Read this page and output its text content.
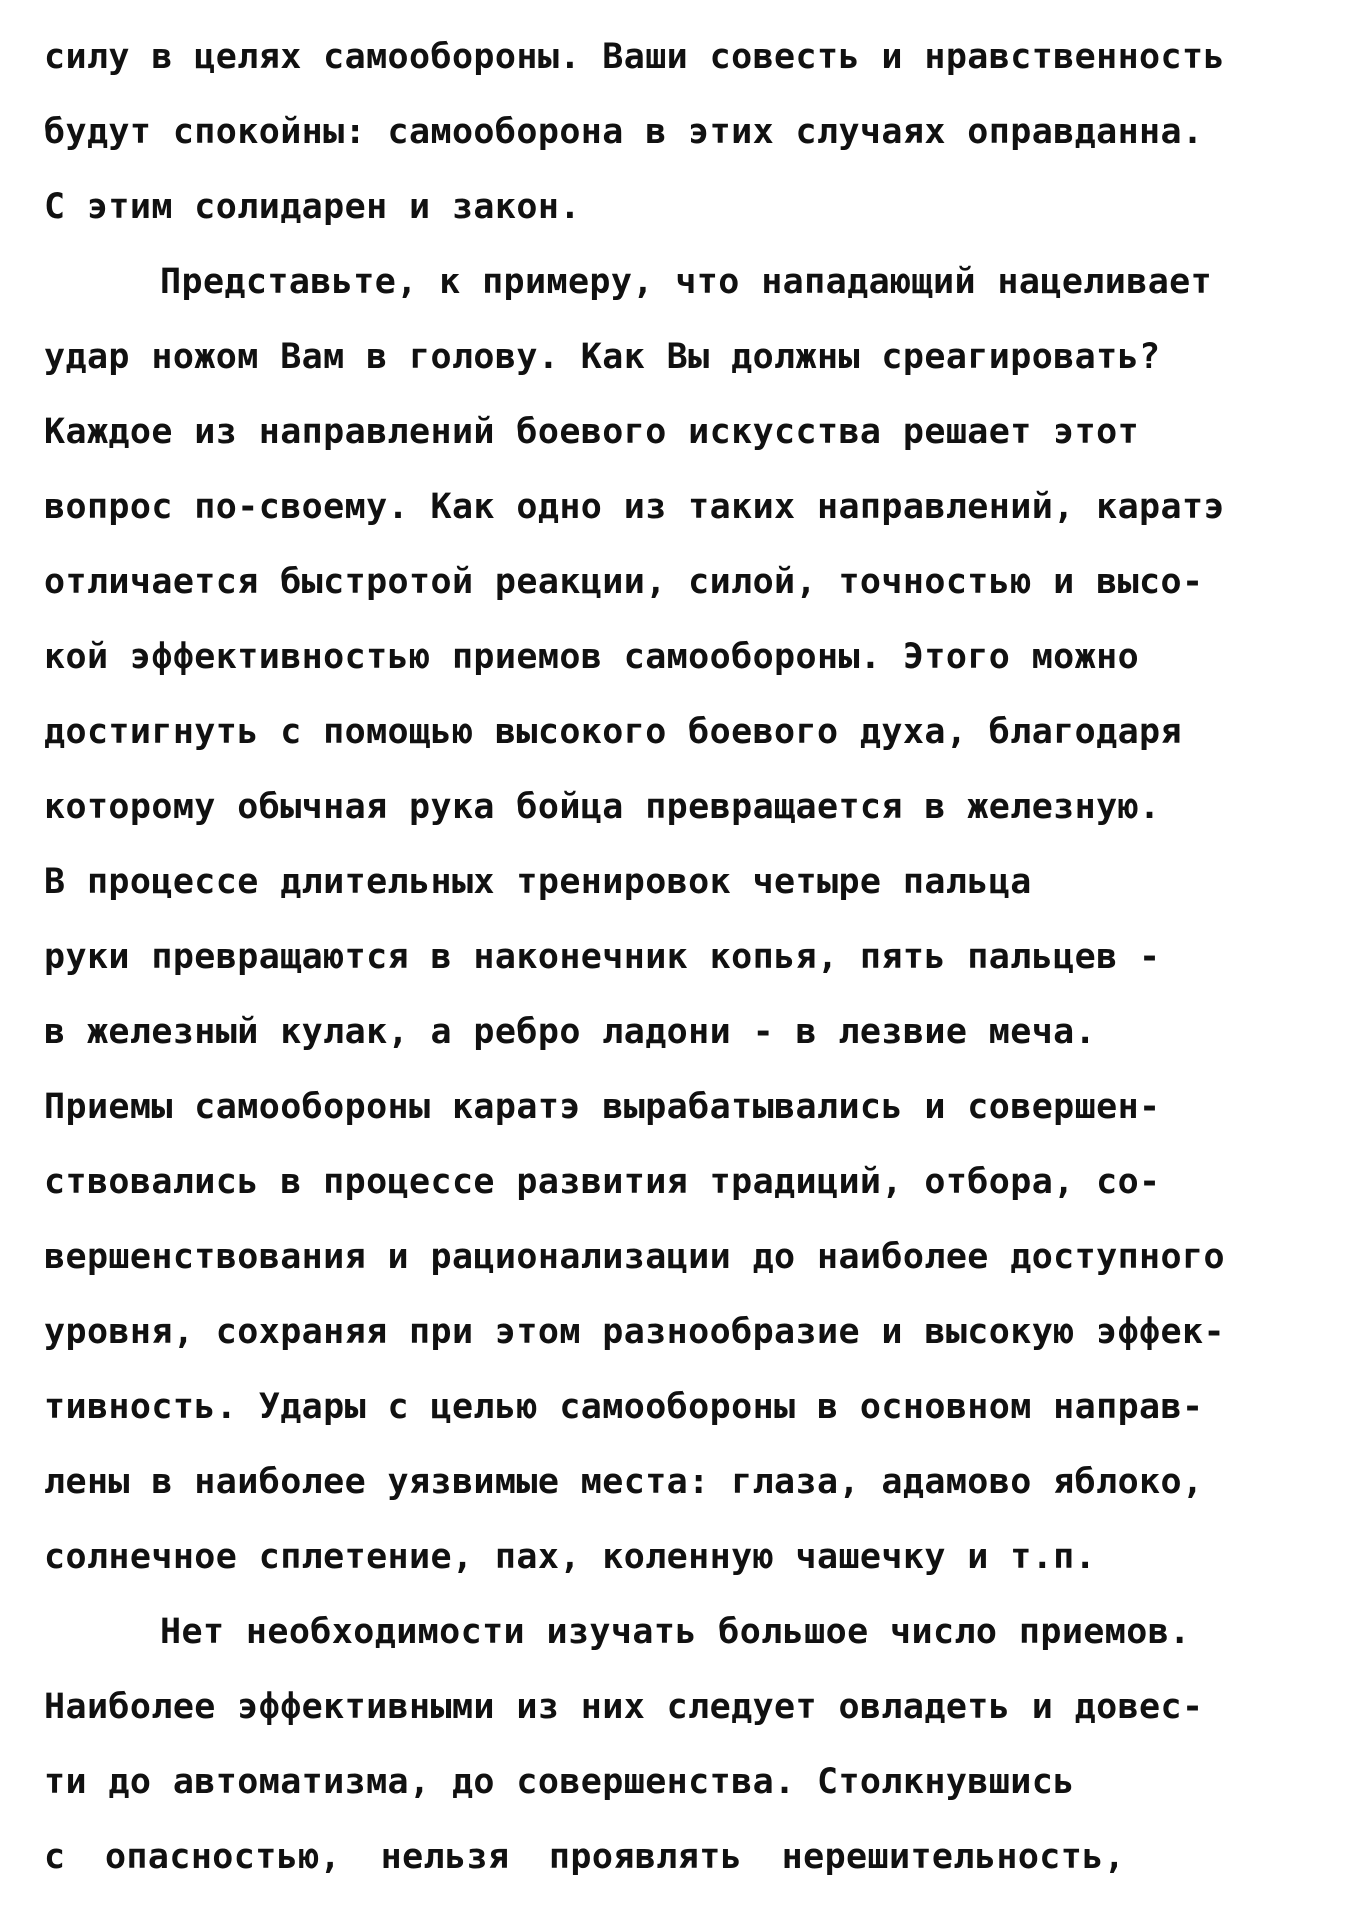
силу в целях самообороны. Ваши совесть и нравственность
будут спокойны: самооборона в этих случаях оправданна.
С этим солидарен и закон.
Представьте, к примеру, что нападающий нацеливает
удар ножом Вам в голову. Как Вы должны среагировать?
Каждое из направлений боевого искусства решает этот
вопрос по-своему. Как одно из таких направлений, каратэ
отличается быстротой реакции, силой, точностью и высо-
кой эффективностью приемов самообороны. Этого можно
достигнуть с помощью высокого боевого духа, благодаря
которому обычная рука бойца превращается в железную.
В процессе длительных тренировок четыре пальца
руки превращаются в наконечник копья, пять пальцев -
в железный кулак, а ребро ладони - в лезвие меча.
Приемы самообороны каратэ вырабатывались и совершен-
ствовались в процессе развития традиций, отбора, со-
вершенствования и рационализации до наиболее доступного
уровня, сохраняя при этом разнообразие и высокую эффек-
тивность. Удары с целью самообороны в основном направ-
лены в наиболее уязвимые места: глаза, адамово яблоко,
солнечное сплетение, пах, коленную чашечку и т.п.
Нет необходимости изучать большое число приемов.
Наиболее эффективными из них следует овладеть и довес-
ти до автоматизма, до совершенства. Столкнувшись
с опасностью, нельзя проявлять нерешительность,
